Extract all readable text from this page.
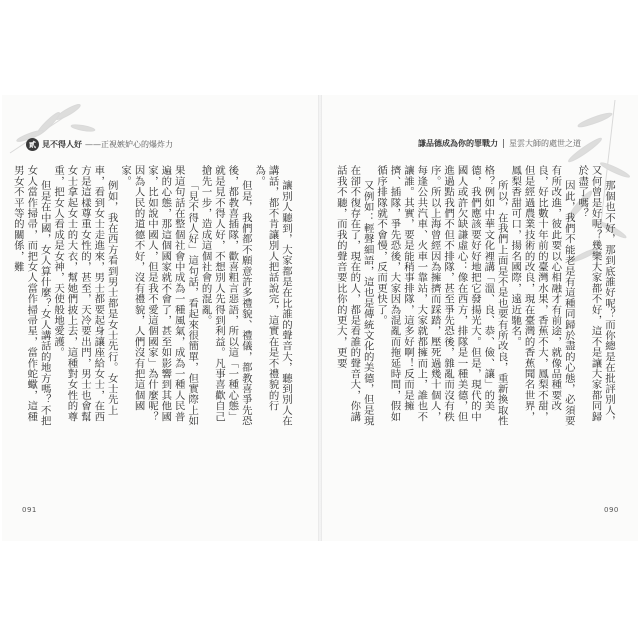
貳 見不得人好 ——正視嫉妒心的爆炸力	謙品德成為你的罪戰力 星雲大師的處世之道

讓別人聽到，大家都是在比誰的聲音大，聽到別人在講話，都不肯讓別人把話說完，這實在是不禮貌的行為。

但是，我們都不願意許多禮貌、禮儀，都教喜爭先恐後，都教喜插隊，歡喜粗言惡語，所以這「一種心態」就是見不得人好，不想別人先得到利益。凡事喜歡自己搶先一步，造成這個社會的混亂。

「見不得人好」這句話，看起來很簡單，但實際上如果這句話在整個社會中成為一種風氣，成為一種人民普遍的心態，那這個國家就不會了，甚至如影響到其他國家，比如說中國人，但是我不愛這個國家」為什麼呢？因為人民的道德不好，沒有禮貌，人們沒有把這個國家。

例如，我在西方看到男士都是女士先行。女士先上車，看到女士走進來，男士都要起身讓座給女士，在西方是這樣尊重女性的，甚至，天冷要出門，男士也會幫女士拿起女士的大衣，幫她們披上去，這種對女性的尊重，把女人看成是女神，天使般地愛護。

但是在中國，女人算什麼？女人講話的地方嗎？不把女人當作掃帚，而把女人當作掃帚星，當作蛇蠍，這種男女不平等的關係，難	那個也不好，那到底誰好呢？而你總是在批評別人，又何曾是好呢？幾樂大家都不好，這不是讓大家都同歸於盡了嗎？

因此，我們不能老是有這種同歸於盡的心態，必須要有所改進，彼此要以心相融才有前途，就像品種要改良，好比數十年前的臺灣水果，香蕉不大，鳳梨不甜，但是經過農業技術的改良，現在臺灣的香蕉聞名世界，鳳梨香甜可口，揚名國際，遠近馳名。

所以，在我們上面是不是也要有所改良，重新換取性格？例如中華文化裡講「溫、良、恭、儉、讓」的美德，我們應該要好好地把它發揚光大。但是，現代的中國人或許欠缺謙虛心：像在西方，排隊是一種美德，但進過點我們不但不排隊，甚至爭先恐後，雜亂而沒有秩序。所以上海曾經因為擁擠而踩踏，壓死過幾十個人，每逢公共汽車、火車一靠站，大家就都擁而上，誰也不讓誰。其實，要是能稍事排隊，這多好啊！反而是擁擠、插隊，爭先恐後，大家因為混亂而拖延時間，假如循序排隊就不會慢，反而更快了。

又例如：輕聲細語，這也是傳統文化的美德，但是現在卻不復存在了，現在的人，都是看誰的聲音大，你講話我不聽，而我的聲音要比你的更大，更要

091	090
